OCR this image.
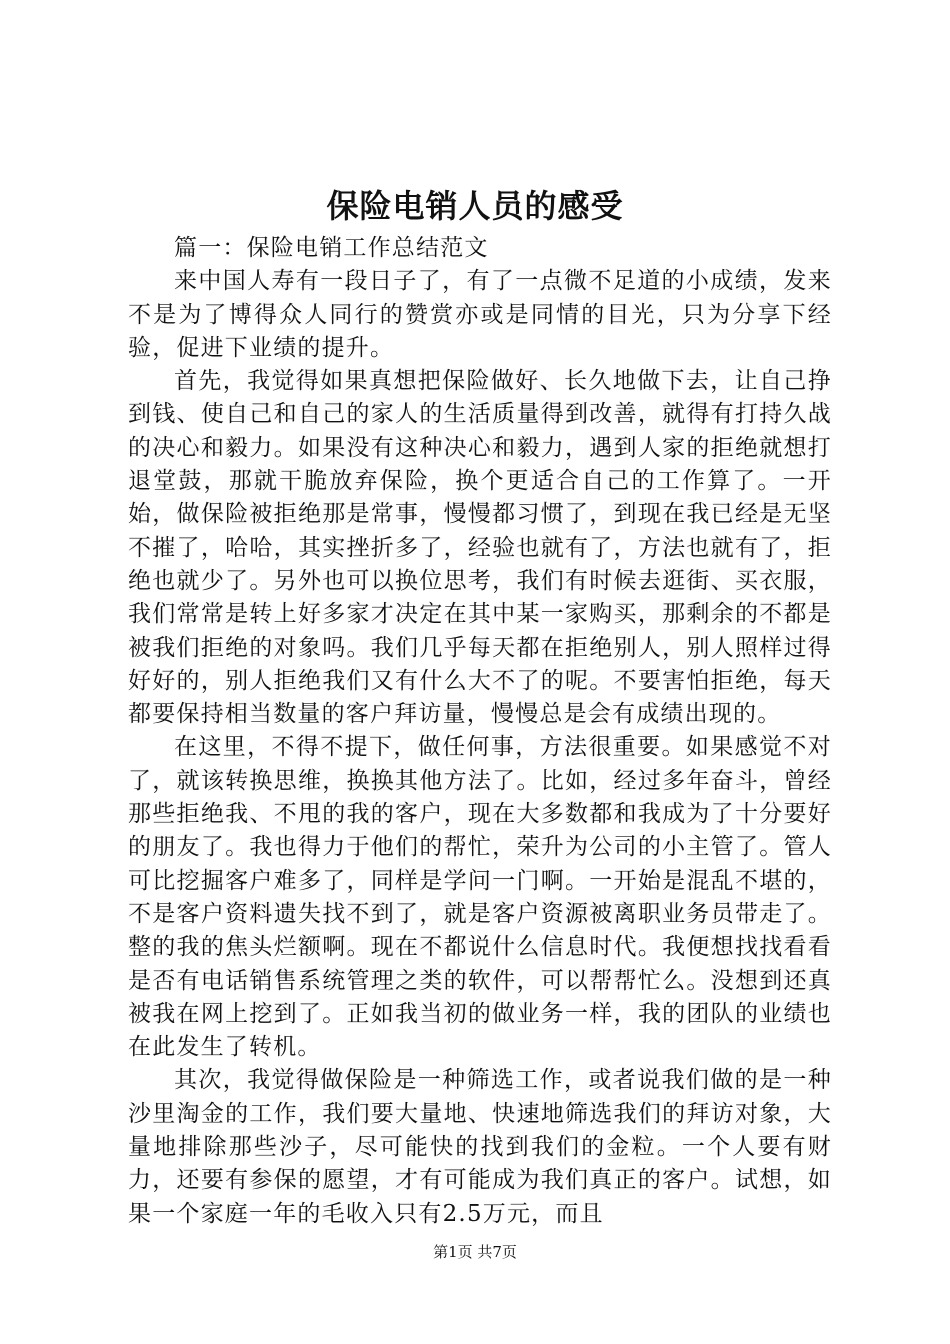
保险电销人员的感受

篇一：保险电销工作总结范文

来中国人寿有一段日子了，有了一点微不足道的小成绩，发来不是为了博得众人同行的赞赏亦或是同情的目光，只为分享下经验，促进下业绩的提升。

首先，我觉得如果真想把保险做好、长久地做下去，让自己挣到钱、使自己和自己的家人的生活质量得到改善，就得有打持久战的决心和毅力。如果没有这种决心和毅力，遇到人家的拒绝就想打退堂鼓，那就干脆放弃保险，换个更适合自己的工作算了。一开始，做保险被拒绝那是常事，慢慢都习惯了，到现在我已经是无坚不摧了，哈哈，其实挫折多了，经验也就有了，方法也就有了，拒绝也就少了。另外也可以换位思考，我们有时候去逛街、买衣服，我们常常是转上好多家才决定在其中某一家购买，那剩余的不都是被我们拒绝的对象吗。我们几乎每天都在拒绝别人，别人照样过得好好的，别人拒绝我们又有什么大不了的呢。不要害怕拒绝，每天都要保持相当数量的客户拜访量，慢慢总是会有成绩出现的。

在这里，不得不提下，做任何事，方法很重要。如果感觉不对了，就该转换思维，换换其他方法了。比如，经过多年奋斗，曾经那些拒绝我、不甩的我的客户，现在大多数都和我成为了十分要好的朋友了。我也得力于他们的帮忙，荣升为公司的小主管了。管人可比挖掘客户难多了，同样是学问一门啊。一开始是混乱不堪的，不是客户资料遗失找不到了，就是客户资源被离职业务员带走了。整的我的焦头烂额啊。现在不都说什么信息时代。我便想找找看看是否有电话销售系统管理之类的软件，可以帮帮忙么。没想到还真被我在网上挖到了。正如我当初的做业务一样，我的团队的业绩也在此发生了转机。

其次，我觉得做保险是一种筛选工作，或者说我们做的是一种沙里淘金的工作，我们要大量地、快速地筛选我们的拜访对象，大量地排除那些沙子，尽可能快的找到我们的金粒。一个人要有财力，还要有参保的愿望，才有可能成为我们真正的客户。试想，如果一个家庭一年的毛收入只有2.5万元，而且

第1页 共7页
